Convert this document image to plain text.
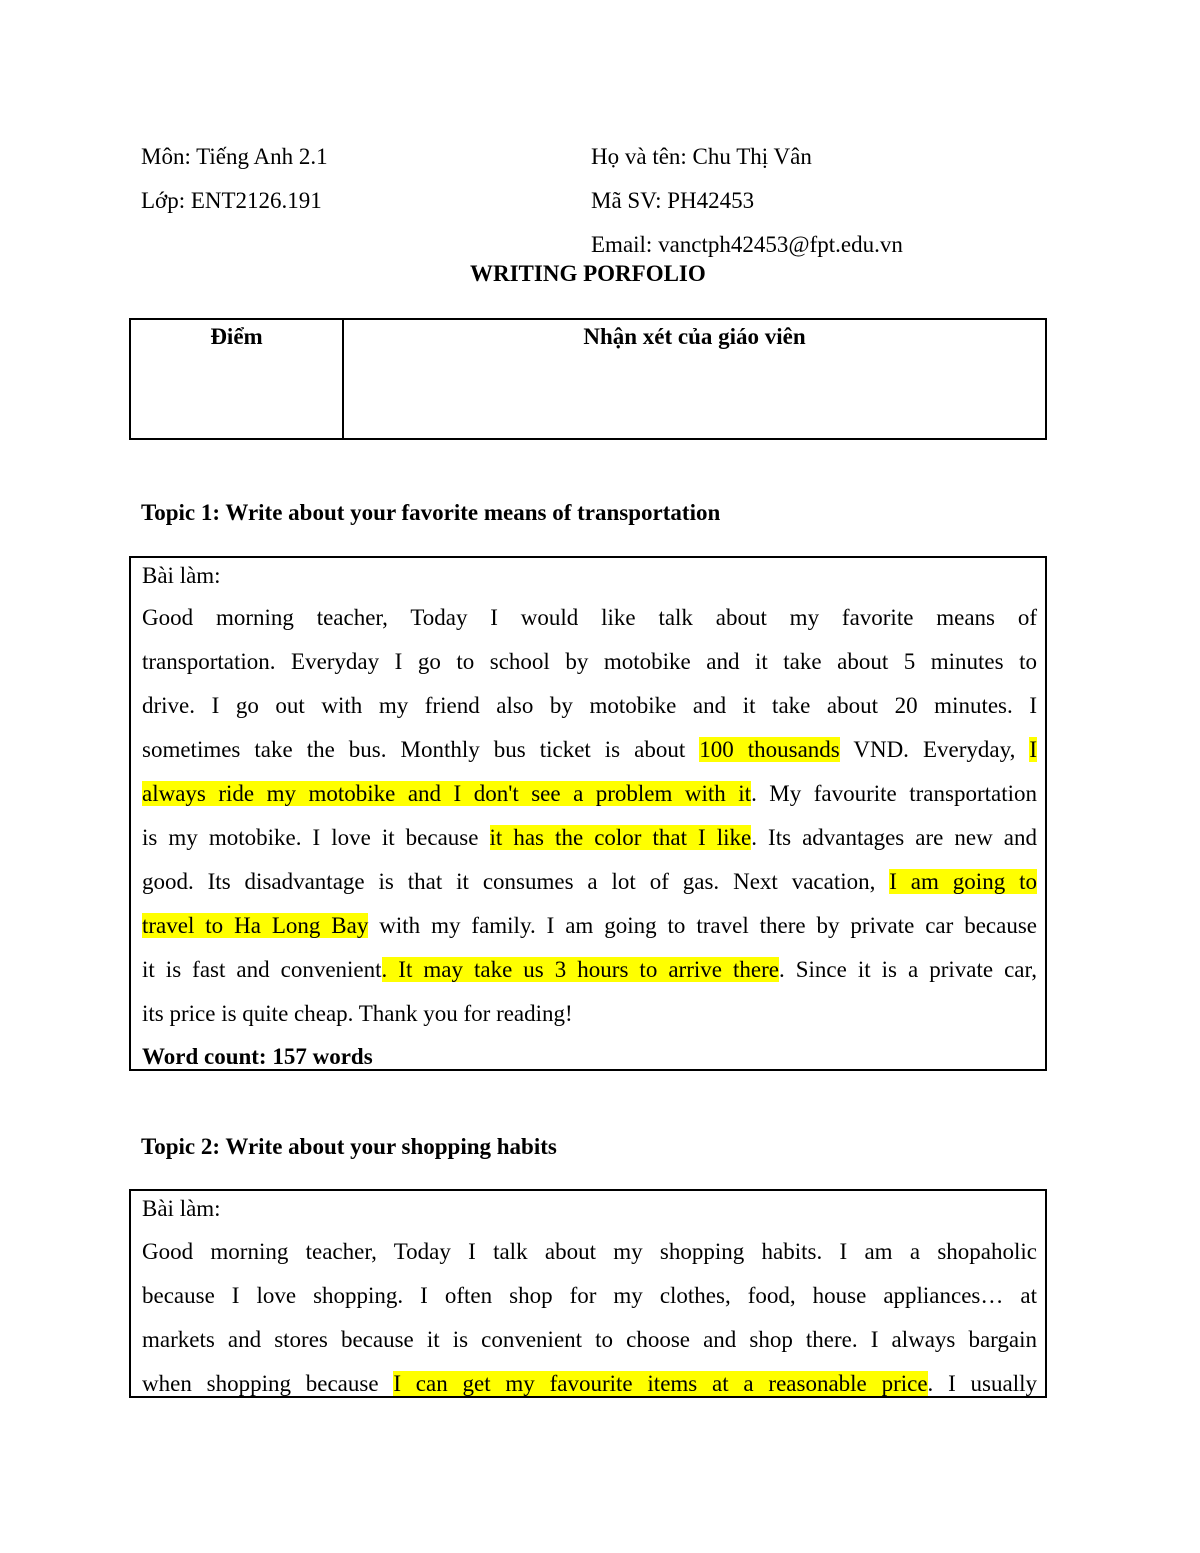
Môn: Tiếng Anh 2.1
Lớp: ENT2126.191
Họ và tên: Chu Thị Vân
Mã SV: PH42453
Email: vanctph42453@fpt.edu.vn
WRITING PORFOLIO
Điểm	Nhận xét của giáo viên
Topic 1: Write about your favorite means of transportation
Bài làm:
Good morning teacher, Today I would like talk about my favorite means of
transportation. Everyday I go to school by motobike and it take about 5 minutes to
drive. I go out with my friend also by motobike and it take about 20 minutes. I
sometimes take the bus. Monthly bus ticket is about 100 thousands VND. Everyday, I
always ride my motobike and I don't see a problem with it. My favourite transportation
is my motobike. I love it because it has the color that I like. Its advantages are new and
good. Its disadvantage is that it consumes a lot of gas. Next vacation, I am going to
travel to Ha Long Bay with my family. I am going to travel there by private car because
it is fast and convenient. It may take us 3 hours to arrive there. Since it is a private car,
its price is quite cheap. Thank you for reading!
Word count: 157 words
Topic 2: Write about your shopping habits
Bài làm:
Good morning teacher, Today I talk about my shopping habits. I am a shopaholic
because I love shopping. I often shop for my clothes, food, house appliances… at
markets and stores because it is convenient to choose and shop there. I always bargain
when shopping because I can get my favourite items at a reasonable price. I usually
